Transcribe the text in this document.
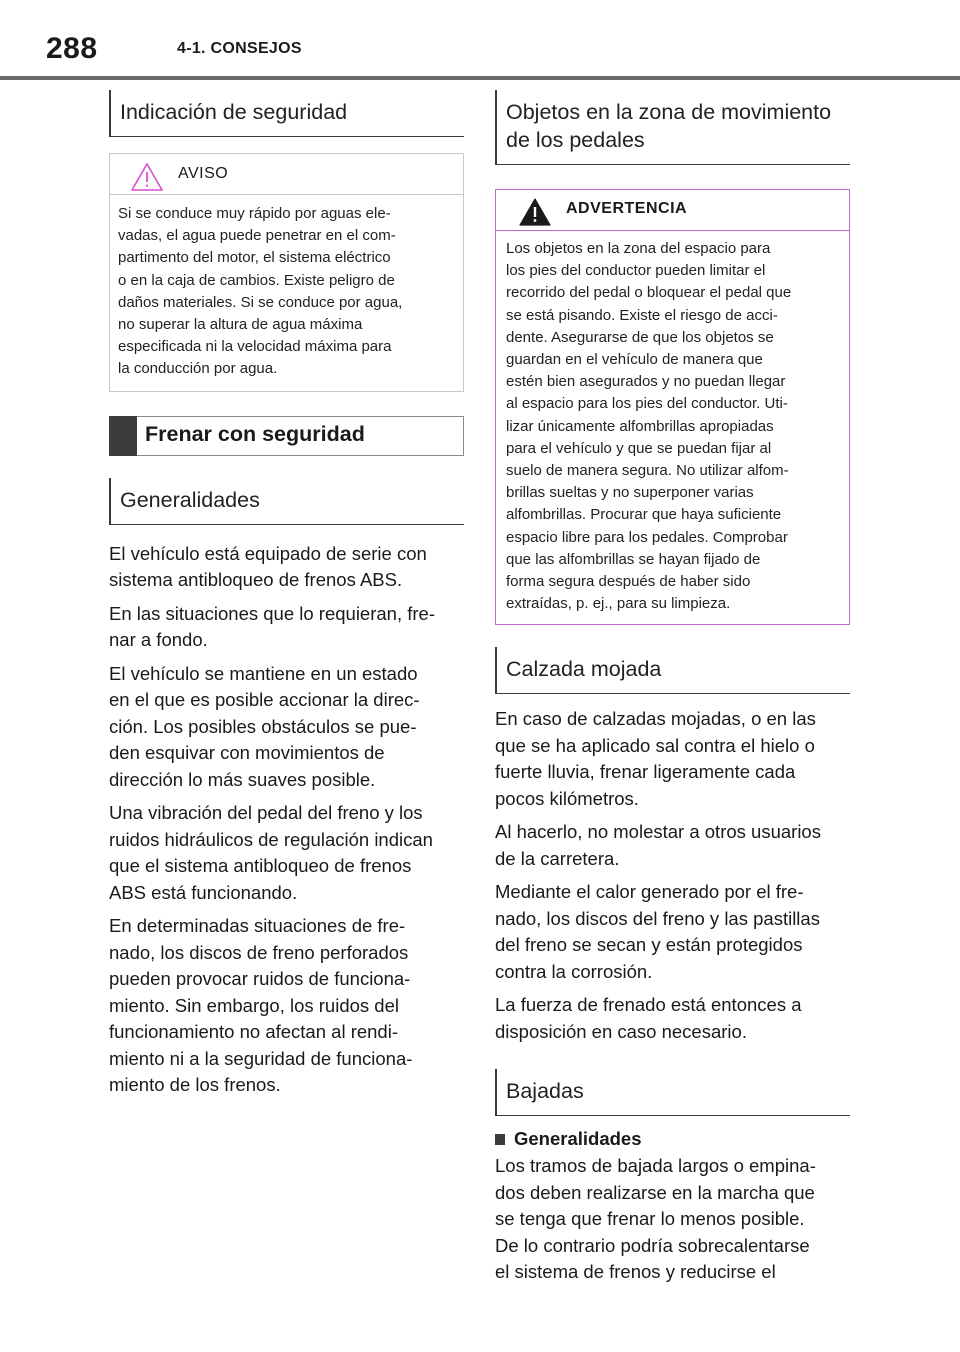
288	4-1. CONSEJOS
Indicación de seguridad
AVISO
Si se conduce muy rápido por aguas ele-
vadas, el agua puede penetrar en el com-
partimento del motor, el sistema eléctrico
o en la caja de cambios. Existe peligro de
daños materiales. Si se conduce por agua,
no superar la altura de agua máxima
especificada ni la velocidad máxima para
la conducción por agua.
Frenar con seguridad
Generalidades

El vehículo está equipado de serie con
sistema antibloqueo de frenos ABS.

En las situaciones que lo requieran, fre-
nar a fondo.

El vehículo se mantiene en un estado
en el que es posible accionar la direc-
ción. Los posibles obstáculos se pue-
den esquivar con movimientos de
dirección lo más suaves posible.

Una vibración del pedal del freno y los
ruidos hidráulicos de regulación indican
que el sistema antibloqueo de frenos
ABS está funcionando.

En determinadas situaciones de fre-
nado, los discos de freno perforados
pueden provocar ruidos de funciona-
miento. Sin embargo, los ruidos del
funcionamiento no afectan al rendi-
miento ni a la seguridad de funciona-
miento de los frenos.

Objetos en la zona de movimiento
de los pedales
ADVERTENCIA
Los objetos en la zona del espacio para
los pies del conductor pueden limitar el
recorrido del pedal o bloquear el pedal que
se está pisando. Existe el riesgo de acci-
dente. Asegurarse de que los objetos se
guardan en el vehículo de manera que
estén bien asegurados y no puedan llegar
al espacio para los pies del conductor. Uti-
lizar únicamente alfombrillas apropiadas
para el vehículo y que se puedan fijar al
suelo de manera segura. No utilizar alfom-
brillas sueltas y no superponer varias
alfombrillas. Procurar que haya suficiente
espacio libre para los pedales. Comprobar
que las alfombrillas se hayan fijado de
forma segura después de haber sido
extraídas, p. ej., para su limpieza.
Calzada mojada

En caso de calzadas mojadas, o en las
que se ha aplicado sal contra el hielo o
fuerte lluvia, frenar ligeramente cada
pocos kilómetros.

Al hacerlo, no molestar a otros usuarios
de la carretera.

Mediante el calor generado por el fre-
nado, los discos del freno y las pastillas
del freno se secan y están protegidos
contra la corrosión.

La fuerza de frenado está entonces a
disposición en caso necesario.

Bajadas
Generalidades

Los tramos de bajada largos o empina-
dos deben realizarse en la marcha que
se tenga que frenar lo menos posible.
De lo contrario podría sobrecalentarse
el sistema de frenos y reducirse el
